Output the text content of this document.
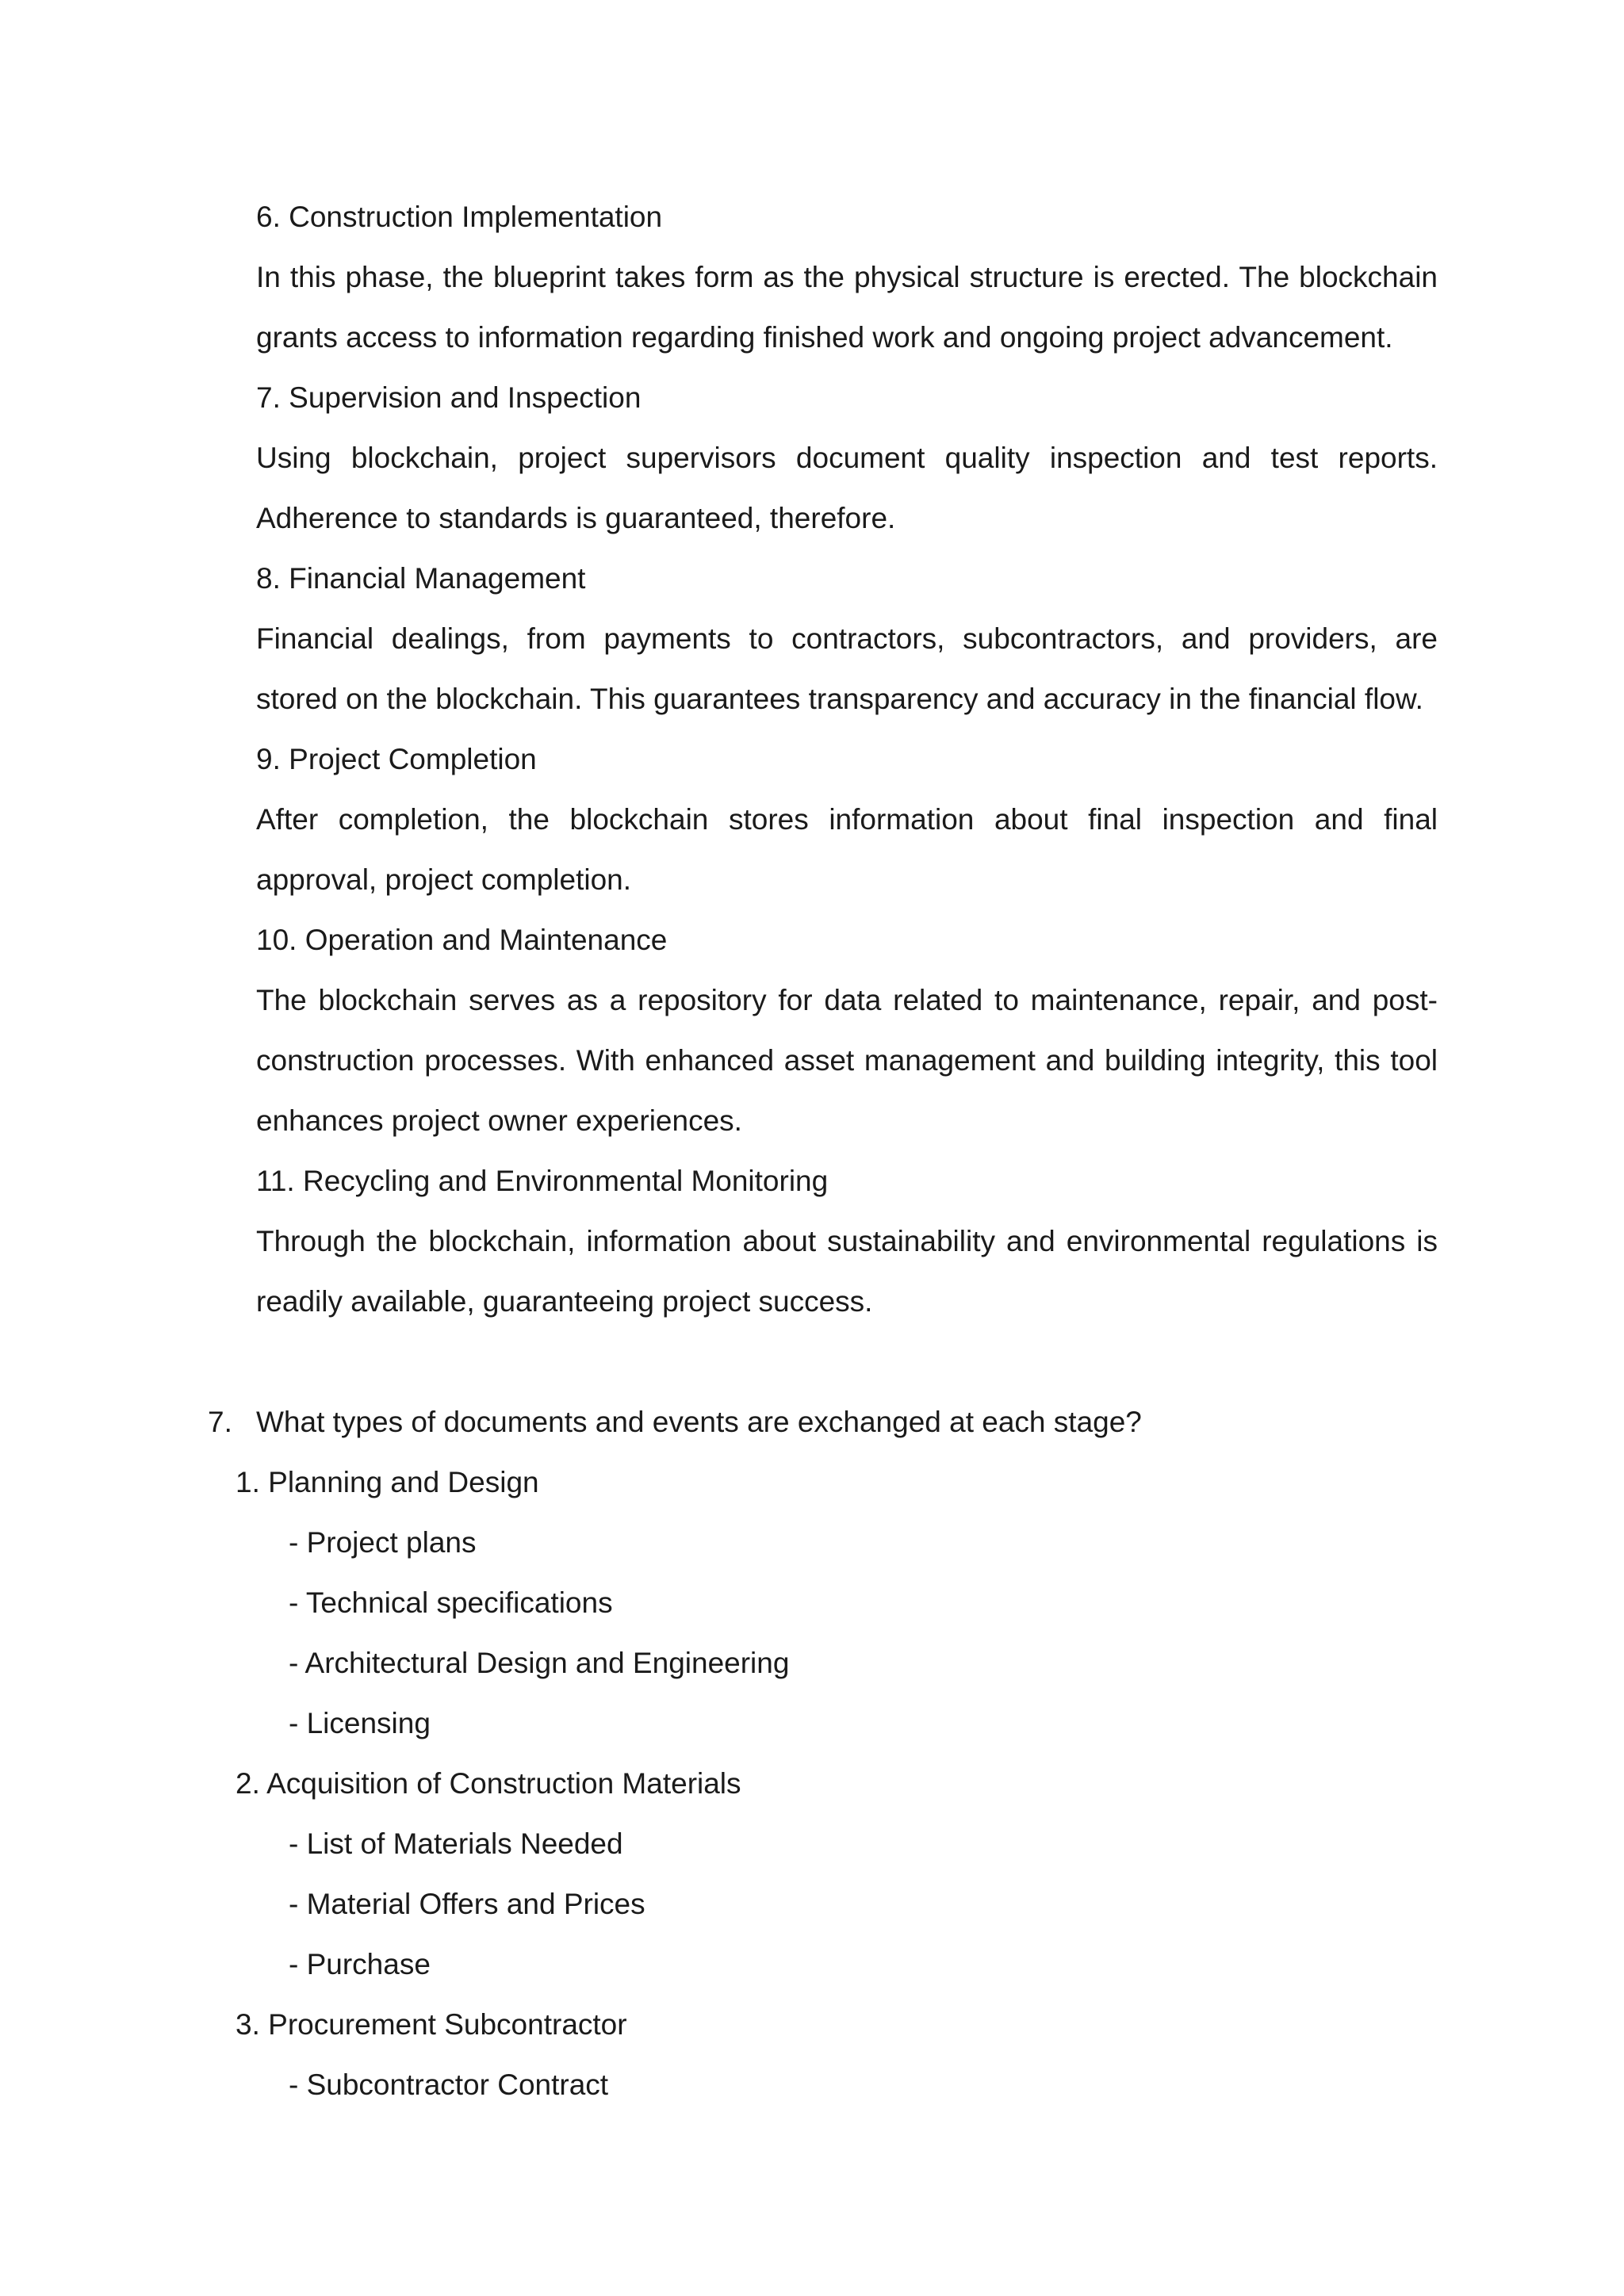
6. Construction Implementation
In this phase, the blueprint takes form as the physical structure is erected. The blockchain
grants access to information regarding finished work and ongoing project advancement.
7. Supervision and Inspection
Using blockchain, project supervisors document quality inspection and test reports.
Adherence to standards is guaranteed, therefore.
8. Financial Management
Financial dealings, from payments to contractors, subcontractors, and providers, are
stored on the blockchain. This guarantees transparency and accuracy in the financial flow.
9. Project Completion
After completion, the blockchain stores information about final inspection and final
approval, project completion.
10. Operation and Maintenance
The blockchain serves as a repository for data related to maintenance, repair, and post-
construction processes. With enhanced asset management and building integrity, this tool
enhances project owner experiences.
11. Recycling and Environmental Monitoring
Through the blockchain, information about sustainability and environmental regulations is
readily available, guaranteeing project success.
7. What types of documents and events are exchanged at each stage?
1. Planning and Design
- Project plans
- Technical specifications
- Architectural Design and Engineering
- Licensing
2. Acquisition of Construction Materials
- List of Materials Needed
- Material Offers and Prices
- Purchase
3. Procurement Subcontractor
- Subcontractor Contract
